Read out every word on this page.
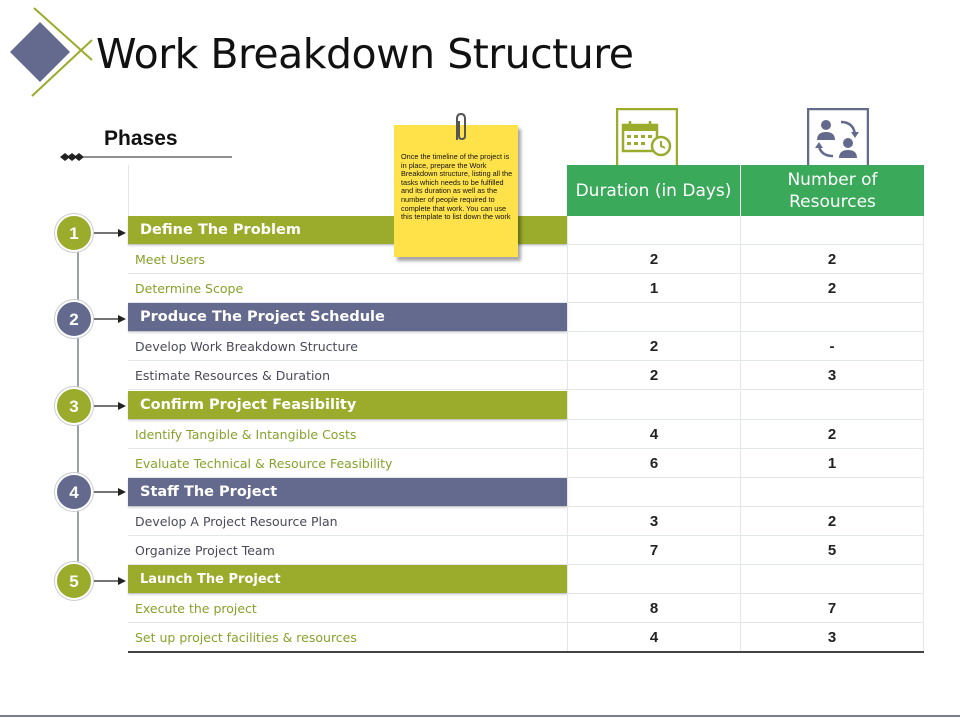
Work Breakdown Structure
Phases
Duration (in Days)
Number of
Resources
Define The Problem
Meet Users	2	2
Determine Scope	1	2
Produce The Project Schedule
Develop Work Breakdown Structure	2	-
Estimate Resources & Duration	2	3
Confirm Project Feasibility
Identify Tangible & Intangible Costs	4	2
Evaluate Technical & Resource Feasibility	6	1
Staff The Project
Develop A Project Resource Plan	3	2
Organize Project Team	7	5
Launch The Project
Execute the project	8	7
Set up project facilities & resources	4	3
1
2
3
4
5
Once the timeline of the project is in place, prepare the Work Breakdown structure, listing all the tasks which needs to be fulfilled and its duration as well as the number of people required to complete that work. You can use this template to list down the work
